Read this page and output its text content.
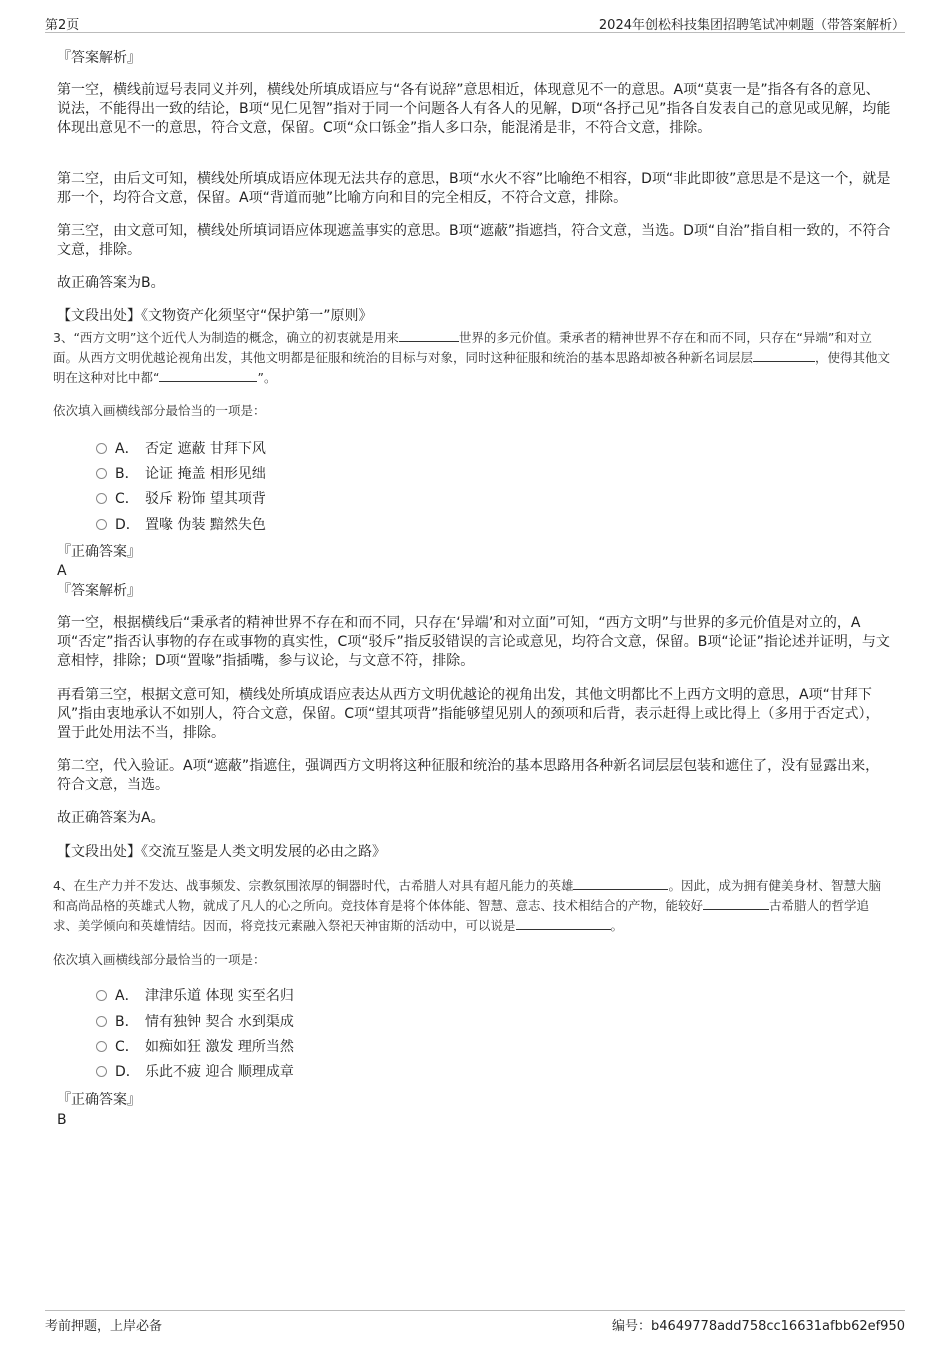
第2页	2024年创松科技集团招聘笔试冲刺题（带答案解析）
『答案解析』
第一空，横线前逗号表同义并列，横线处所填成语应与“各有说辞”意思相近，体现意见不一的意思。A项“莫衷一是”指各有各的意见、说法，不能得出一致的结论，B项“见仁见智”指对于同一个问题各人有各人的见解，D项“各抒己见”指各自发表自己的意见或见解，均能体现出意见不一的意思，符合文意，保留。C项“众口铄金”指人多口杂，能混淆是非，不符合文意，排除。
第二空，由后文可知，横线处所填成语应体现无法共存的意思，B项“水火不容”比喻绝不相容，D项“非此即彼”意思是不是这一个，就是那一个，均符合文意，保留。A项“背道而驰”比喻方向和目的完全相反，不符合文意，排除。
第三空，由文意可知，横线处所填词语应体现遮盖事实的意思。B项“遮蔽”指遮挡，符合文意，当选。D项“自治”指自相一致的，不符合文意，排除。
故正确答案为B。
【文段出处】《文物资产化须坚守“保护第一”原则》
3、“西方文明”这个近代人为制造的概念，确立的初衷就是用来	世界的多元价值。秉承者的精神世界不存在和而不同，只存在“异端”和对立面。从西方文明优越论视角出发，其他文明都是征服和统治的目标与对象，同时这种征服和统治的基本思路却被各种新名词层层	，使得其他文明在这种对比中都“	”。
依次填入画横线部分最恰当的一项是：
A． 否定 遮蔽 甘拜下风
B． 论证 掩盖 相形见绌
C． 驳斥 粉饰 望其项背
D． 置喙 伪装 黯然失色
『正确答案』
A
『答案解析』
第一空，根据横线后“秉承者的精神世界不存在和而不同，只存在‘异端’和对立面”可知，“西方文明”与世界的多元价值是对立的，A项“否定”指否认事物的存在或事物的真实性，C项“驳斥”指反驳错误的言论或意见，均符合文意，保留。B项“论证”指论述并证明，与文意相悖，排除；D项“置喙”指插嘴，参与议论，与文意不符，排除。
再看第三空，根据文意可知，横线处所填成语应表达从西方文明优越论的视角出发，其他文明都比不上西方文明的意思，A项“甘拜下风”指由衷地承认不如别人，符合文意，保留。C项“望其项背”指能够望见别人的颈项和后背，表示赶得上或比得上（多用于否定式），置于此处用法不当，排除。
第二空，代入验证。A项“遮蔽”指遮住，强调西方文明将这种征服和统治的基本思路用各种新名词层层包装和遮住了，没有显露出来，符合文意，当选。
故正确答案为A。
【文段出处】《交流互鉴是人类文明发展的必由之路》
4、在生产力并不发达、战事频发、宗教氛围浓厚的铜器时代，古希腊人对具有超凡能力的英雄	。因此，成为拥有健美身材、智慧大脑和高尚品格的英雄式人物，就成了凡人的心之所向。竞技体育是将个体体能、智慧、意志、技术相结合的产物，能较好	古希腊人的哲学追求、美学倾向和英雄情结。因而，将竞技元素融入祭祀天神宙斯的活动中，可以说是	。
依次填入画横线部分最恰当的一项是：
A． 津津乐道 体现 实至名归
B． 情有独钟 契合 水到渠成
C． 如痴如狂 激发 理所当然
D． 乐此不疲 迎合 顺理成章
『正确答案』
B
考前押题，上岸必备	编号：b4649778add758cc16631afbb62ef950
